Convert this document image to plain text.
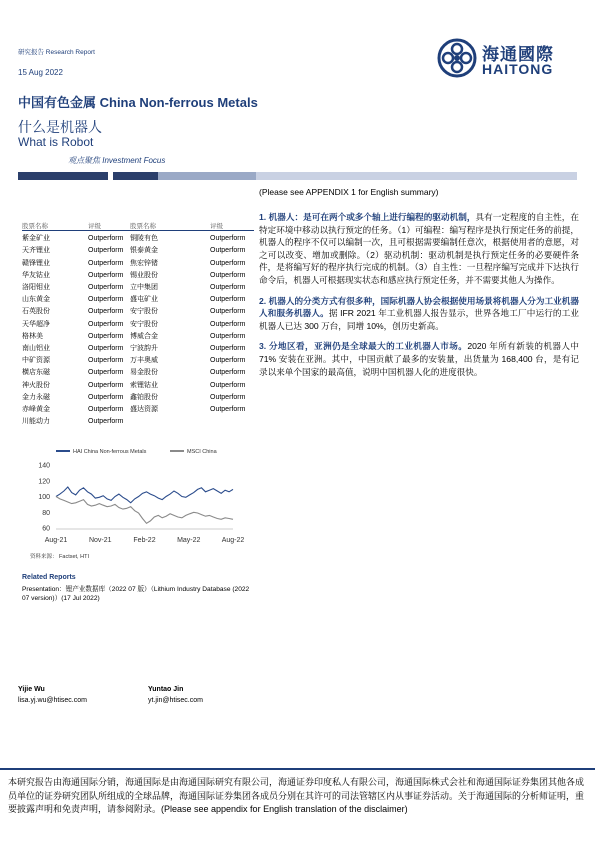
研究报告 Research Report
15 Aug 2022
中国有色金属 China Non-ferrous Metals
什么是机器人
What is Robot
观点聚焦 Investment Focus
海通國際
HAITONG
(Please see APPENDIX 1 for English summary)
股票名称	评级	股票名称	评级
紫金矿业	Outperform	铜陵有色	Outperform
天齐锂业	Outperform	银泰黄金	Outperform
赣锋锂业	Outperform	焦宏锌锗	Outperform
华友钴业	Outperform	锡业股份	Outperform
洛阳钼业	Outperform	立中集团	Outperform
山东黄金	Outperform	盛屯矿业	Outperform
石英股份	Outperform	安宁股份	Outperform
天华超净	Outperform	安宁股份	Outperform
格林美	Outperform	博威合金	Outperform
南山铝业	Outperform	宁波韵升	Outperform
中矿资源	Outperform	万丰奥威	Outperform
横店东磁	Outperform	易金股份	Outperform
神火股份	Outperform	索锂钴业	Outperform
金力永磁	Outperform	鑫铂股份	Outperform
赤峰黄金	Outperform	盛达资源	Outperform
川能动力	Outperform		

1. 机器人：是可在两个或多个轴上进行编程的驱动机制，具有一定程度的自主性，在特定环境中移动以执行预定的任务。（1）可编程：编写程序是执行预定任务的前提，机器人的程序不仅可以编制一次，且可根据需要编制任意次，根据使用者的意愿，对之可以改变、增加或删除。（2）驱动机制：驱动机制是执行预定任务的必要硬件条件，是将编写好的程序执行完成的机制。（3）自主性：一旦程序编写完成并下达执行命令后，机器人可根据现实状态和感应执行预定任务，并不需要其他人为操作。

2. 机器人的分类方式有很多种，国际机器人协会根据使用场景将机器人分为工业机器人和服务机器人。据 IFR 2021 年工业机器人报告显示，世界各地工厂中运行的工业机器人已达 300 万台，同增 10%，创历史新高。

3. 分地区看，亚洲仍是全球最大的工业机器人市场。2020 年所有新装的机器人中 71% 安装在亚洲。其中，中国贡献了最多的安装量，出货量为 168,400 台，是有记录以来单个国家的最高值，说明中国机器人化的进度很快。

HAI China Non-ferrous Metals	MSCI China
140
120
100
80
60
Aug-21	Nov-21	Feb-22	May-22	Aug-22
资料来源： Factset, HTI
Related Reports
Presentation：锂产业数据库（2022 07 版）（Lithium Industry Database (2022 07 version)）(17 Jul 2022)
Yijie Wu
lisa.yj.wu@htisec.com
Yuntao Jin
yt.jin@htisec.com
本研究报告由海通国际分销，海通国际是由海通国际研究有限公司，海通证券印度私人有限公司，海通国际株式会社和海通国际证券集团其他各成员单位的证券研究团队所组成的全球品牌，海通国际证券集团各成员分别在其许可的司法管辖区内从事证券活动。关于海通国际的分析师证明，重要披露声明和免责声明，请参阅附录。(Please see appendix for English translation of the disclaimer)
